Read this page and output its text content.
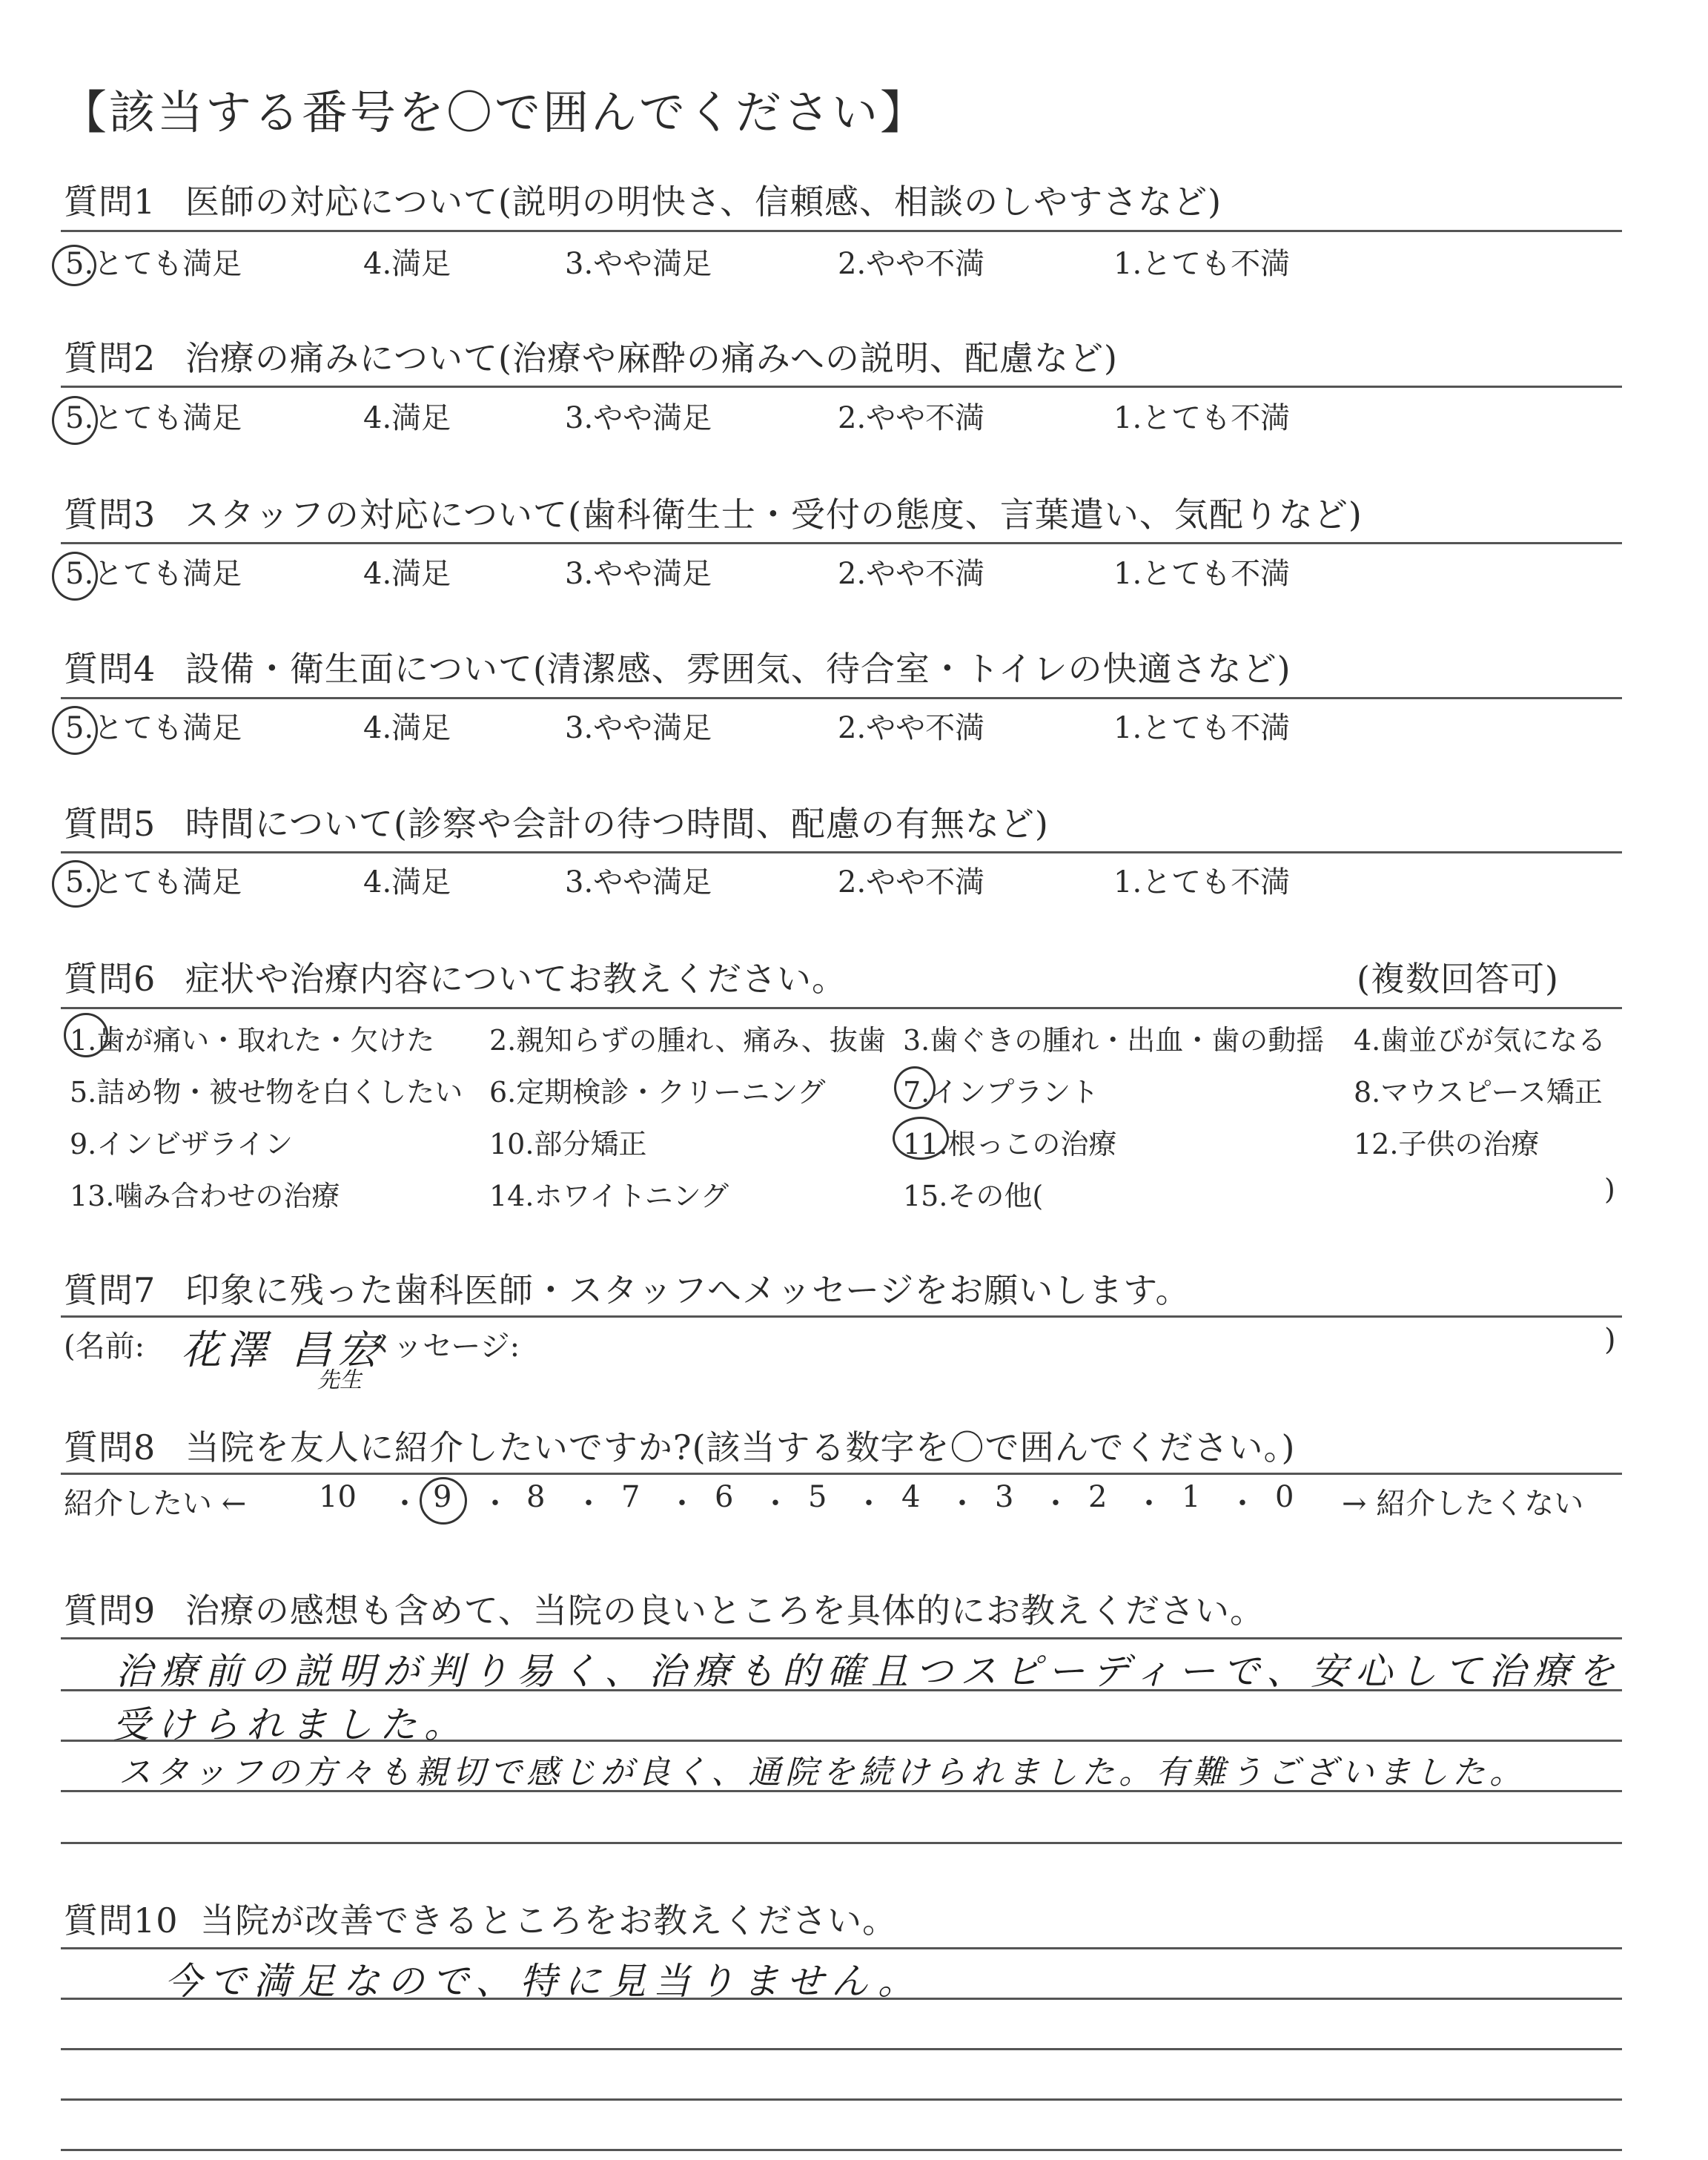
【該当する番号を〇で囲んでください】
質問1 医師の対応について(説明の明快さ、信頼感、相談のしやすさなど)
5.とても満足	4.満足	3.やや満足	2.やや不満	1.とても不満
質問2 治療の痛みについて(治療や麻酔の痛みへの説明、配慮など)
5.とても満足	4.満足	3.やや満足	2.やや不満	1.とても不満
質問3 スタッフの対応について(歯科衛生士・受付の態度、言葉遣い、気配りなど)
5.とても満足	4.満足	3.やや満足	2.やや不満	1.とても不満
質問4 設備・衛生面について(清潔感、雰囲気、待合室・トイレの快適さなど)
5.とても満足	4.満足	3.やや満足	2.やや不満	1.とても不満
質問5 時間について(診察や会計の待つ時間、配慮の有無など)
5.とても満足	4.満足	3.やや満足	2.やや不満	1.とても不満
質問6 症状や治療内容についてお教えください。	(複数回答可)
1.歯が痛い・取れた・欠けた 2.親知らずの腫れ、痛み、抜歯 3.歯ぐきの腫れ・出血・歯の動揺 4.歯並びが気になる
5.詰め物・被せ物を白くしたい 6.定期検診・クリーニング	7.インプラント	8.マウスピース矯正
9.インビザライン	10.部分矯正	11.根っこの治療	12.子供の治療
13.噛み合わせの治療	14.ホワイトニング	15.その他(	)
質問7 印象に残った歯科医師・スタッフへメッセージをお願いします。
(名前: 花澤 昌宏
先生
メッセージ:	)
質問8 当院を友人に紹介したいですか?(該当する数字を〇で囲んでください。)
紹介したい ← 10 ・ 9 ・ 8 ・ 7 ・ 6 ・ 5 ・ 4 ・ 3 ・ 2 ・ 1 ・ 0 → 紹介したくない
質問9 治療の感想も含めて、当院の良いところを具体的にお教えください。
治療前の説明が判り易く、治療も的確且つスピーディーで、安心して治療を
受けられました。
スタッフの方々も親切で感じが良く、通院を続けられました。有難うございました。
質問10 当院が改善できるところをお教えください。
今で満足なので、特に見当りません。
